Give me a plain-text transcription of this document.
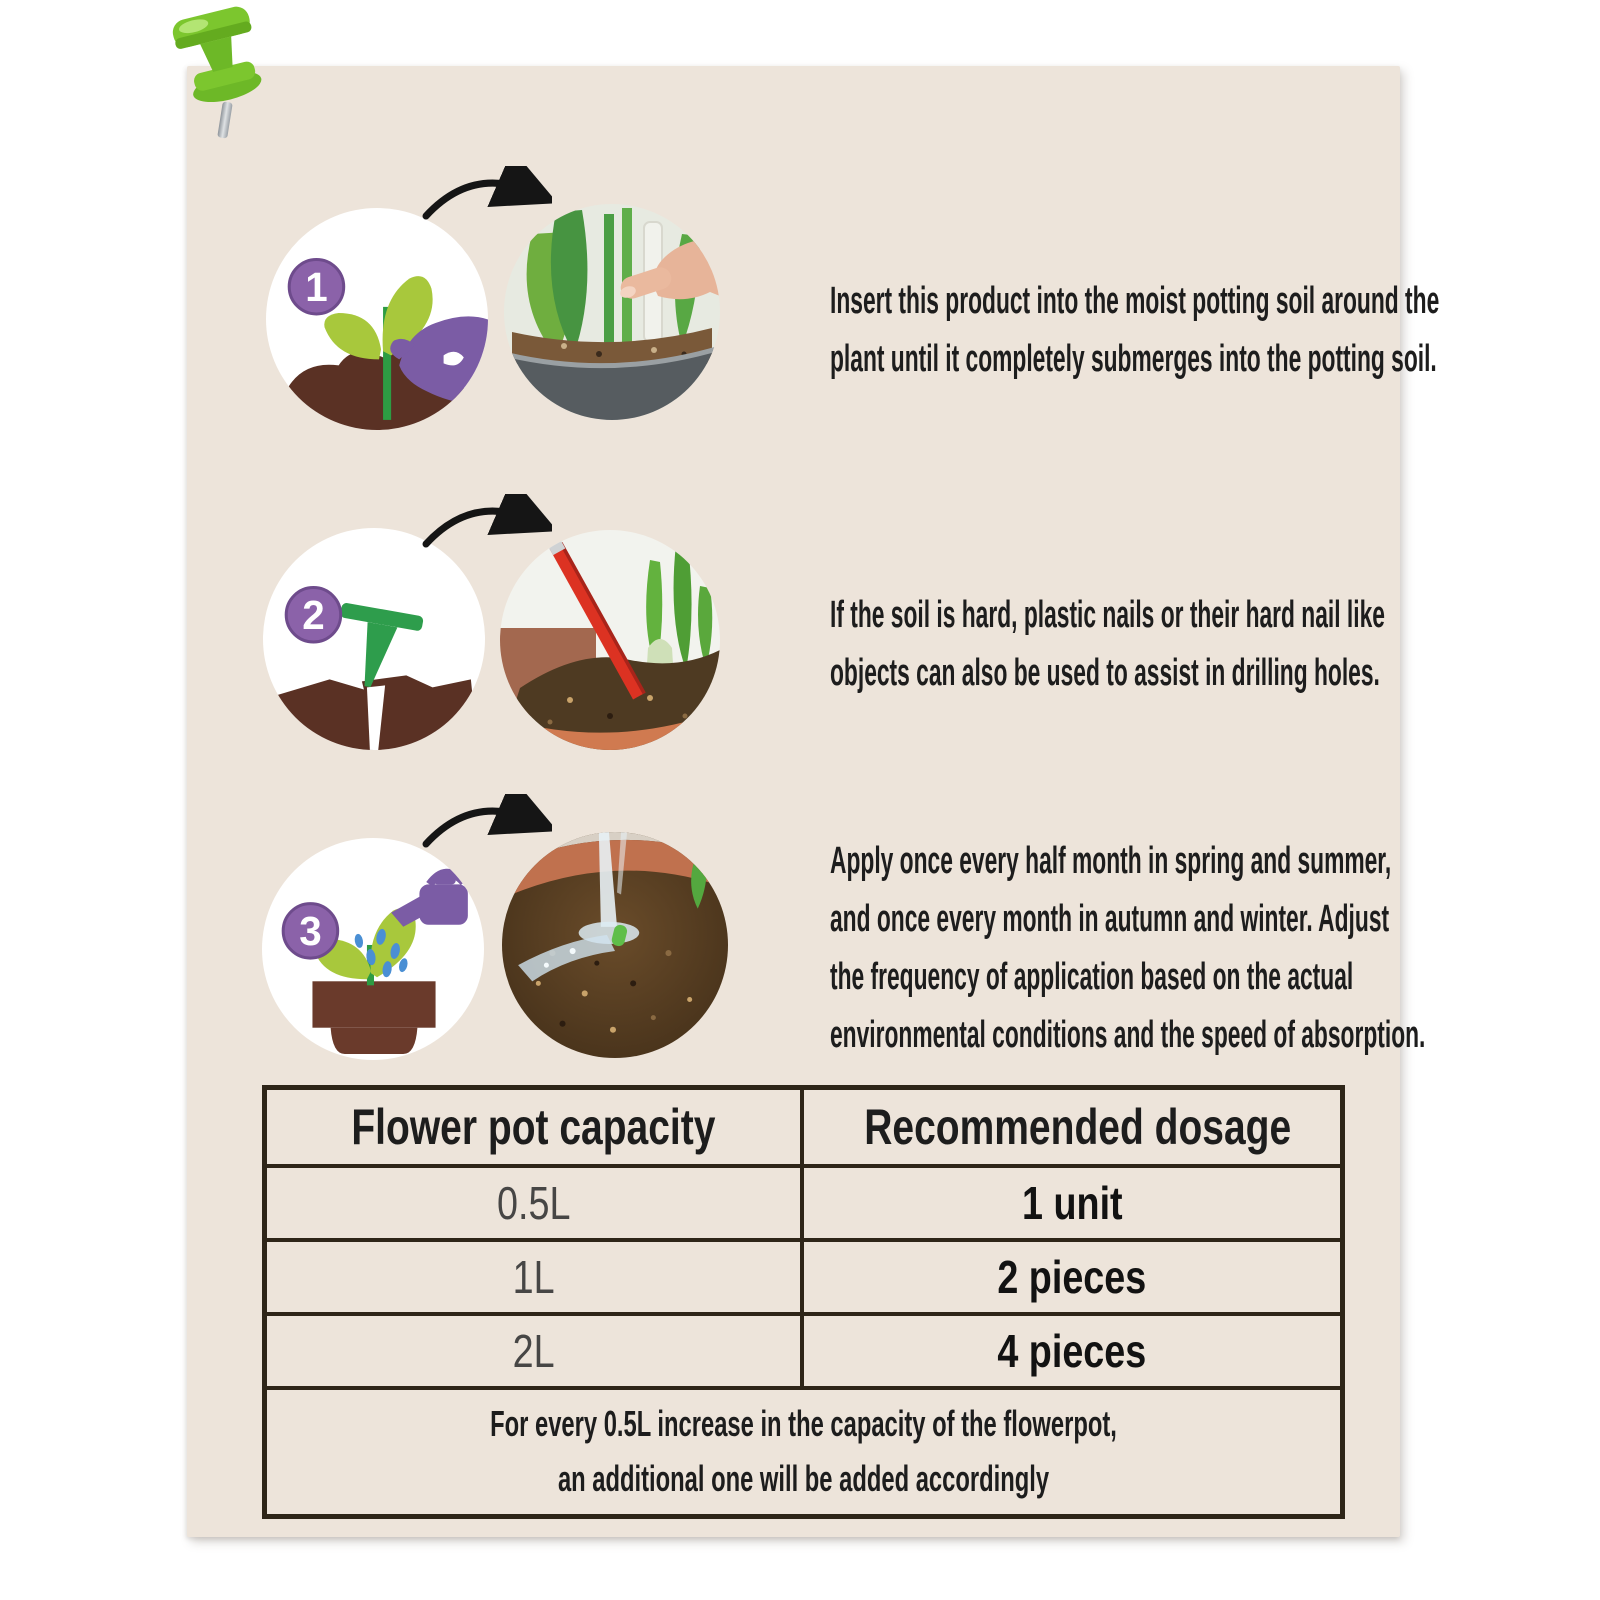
1	Insert this product into the moist potting soil around the
plant until it completely submerges into the potting soil.
2	If the soil is hard, plastic nails or their hard nail like
objects can also be used to assist in drilling holes.
3
Apply once every half month in spring and summer,
and once every month in autumn and winter. Adjust
the frequency of application based on the actual
environmental conditions and the speed of absorption.
Flower pot capacity	Recommended dosage
0.5L	1 unit
1L	2 pieces
2L	4 pieces
For every 0.5L increase in the capacity of the flowerpot,
an additional one will be added accordingly
